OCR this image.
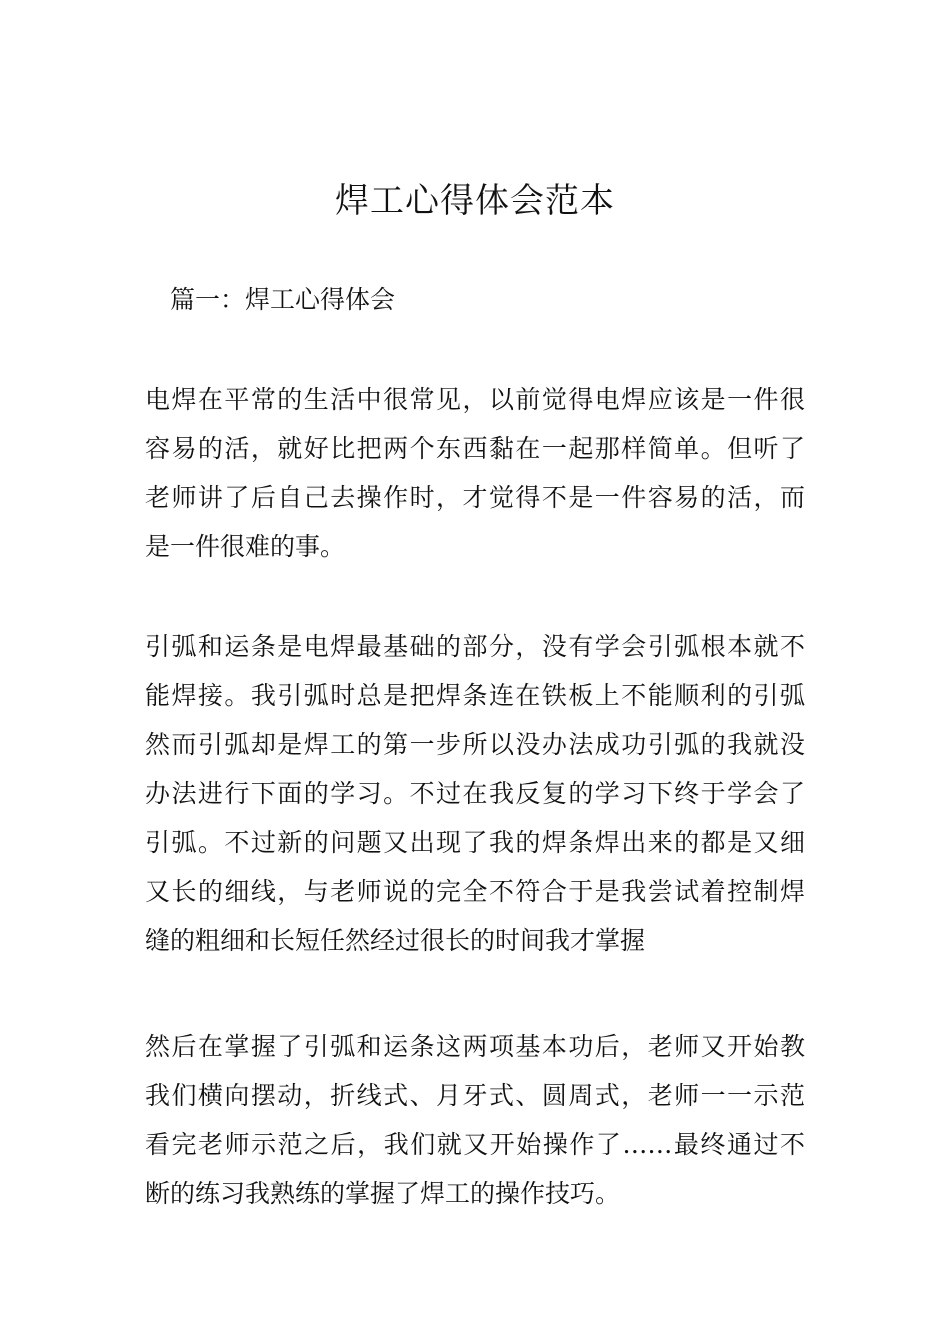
焊工心得体会范本
篇一：焊工心得体会
电焊在平常的生活中很常见，以前觉得电焊应该是一件很
容易的活，就好比把两个东西黏在一起那样简单。但听了
老师讲了后自己去操作时，才觉得不是一件容易的活，而
是一件很难的事。
引弧和运条是电焊最基础的部分，没有学会引弧根本就不
能焊接。我引弧时总是把焊条连在铁板上不能顺利的引弧
然而引弧却是焊工的第一步所以没办法成功引弧的我就没
办法进行下面的学习。不过在我反复的学习下终于学会了
引弧。不过新的问题又出现了我的焊条焊出来的都是又细
又长的细线，与老师说的完全不符合于是我尝试着控制焊
缝的粗细和长短任然经过很长的时间我才掌握
然后在掌握了引弧和运条这两项基本功后，老师又开始教
我们横向摆动，折线式、月牙式、圆周式，老师一一示范
看完老师示范之后，我们就又开始操作了……最终通过不
断的练习我熟练的掌握了焊工的操作技巧。
